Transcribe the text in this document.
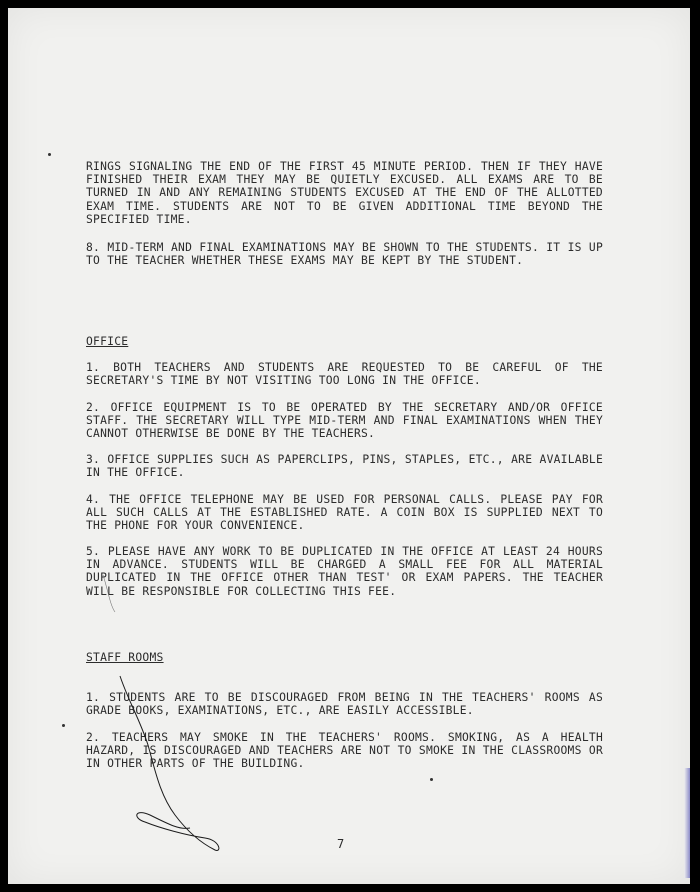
RINGS SIGNALING THE END OF THE FIRST 45 MINUTE PERIOD. THEN IF THEY HAVE FINISHED THEIR EXAM THEY MAY BE QUIETLY EXCUSED. ALL EXAMS ARE TO BE TURNED IN AND ANY REMAINING STUDENTS EXCUSED AT THE END OF THE ALLOTTED EXAM TIME. STUDENTS ARE NOT TO BE GIVEN ADDITIONAL TIME BEYOND THE SPECIFIED TIME.

8. MID-TERM AND FINAL EXAMINATIONS MAY BE SHOWN TO THE STUDENTS. IT IS UP TO THE TEACHER WHETHER THESE EXAMS MAY BE KEPT BY THE STUDENT.

OFFICE

1. BOTH TEACHERS AND STUDENTS ARE REQUESTED TO BE CAREFUL OF THE SECRETARY'S TIME BY NOT VISITING TOO LONG IN THE OFFICE.

2. OFFICE EQUIPMENT IS TO BE OPERATED BY THE SECRETARY AND/OR OFFICE STAFF. THE SECRETARY WILL TYPE MID-TERM AND FINAL EXAMINATIONS WHEN THEY CANNOT OTHERWISE BE DONE BY THE TEACHERS.

3. OFFICE SUPPLIES SUCH AS PAPERCLIPS, PINS, STAPLES, ETC., ARE AVAILABLE IN THE OFFICE.

4. THE OFFICE TELEPHONE MAY BE USED FOR PERSONAL CALLS. PLEASE PAY FOR ALL SUCH CALLS AT THE ESTABLISHED RATE. A COIN BOX IS SUPPLIED NEXT TO THE PHONE FOR YOUR CONVENIENCE.

5. PLEASE HAVE ANY WORK TO BE DUPLICATED IN THE OFFICE AT LEAST 24 HOURS IN ADVANCE. STUDENTS WILL BE CHARGED A SMALL FEE FOR ALL MATERIAL DUPLICATED IN THE OFFICE OTHER THAN TEST' OR EXAM PAPERS. THE TEACHER WILL BE RESPONSIBLE FOR COLLECTING THIS FEE.

STAFF ROOMS

1. STUDENTS ARE TO BE DISCOURAGED FROM BEING IN THE TEACHERS' ROOMS AS GRADE BOOKS, EXAMINATIONS, ETC., ARE EASILY ACCESSIBLE.

2. TEACHERS MAY SMOKE IN THE TEACHERS' ROOMS. SMOKING, AS A HEALTH HAZARD, IS DISCOURAGED AND TEACHERS ARE NOT TO SMOKE IN THE CLASSROOMS OR IN OTHER PARTS OF THE BUILDING.

7
